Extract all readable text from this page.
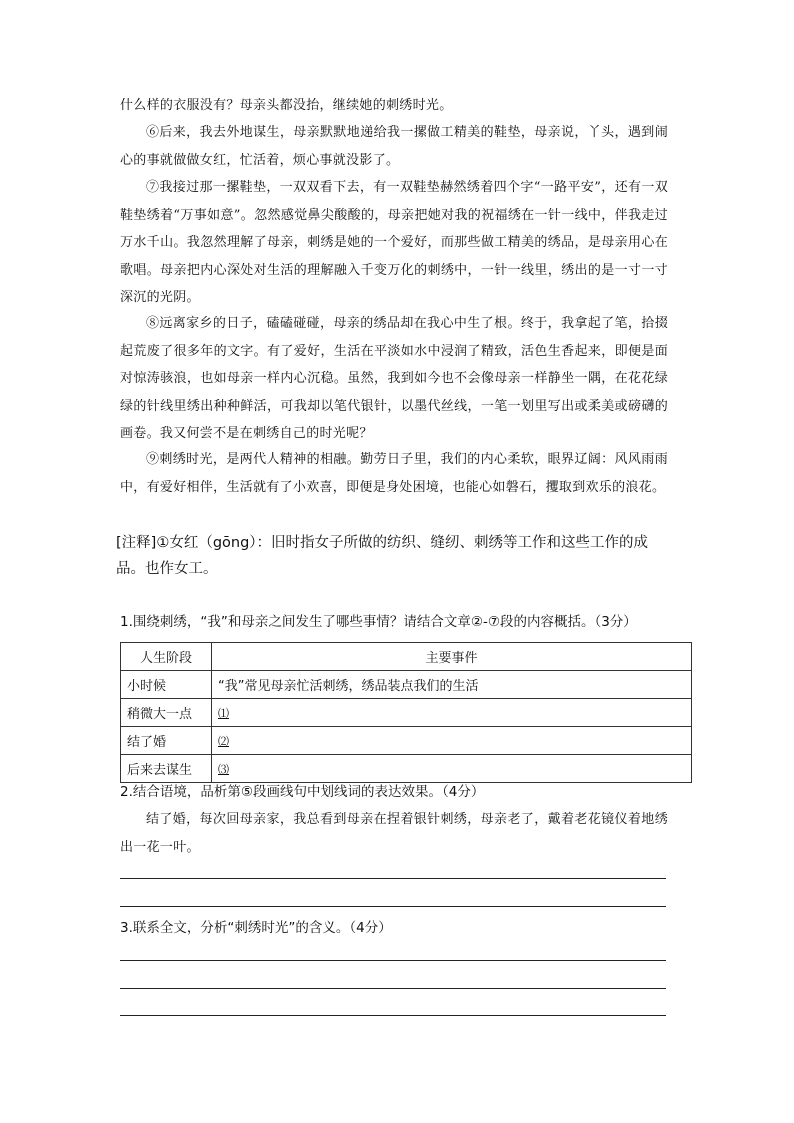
什么样的衣服没有？母亲头都没抬，继续她的刺绣时光。

⑥后来，我去外地谋生，母亲默默地递给我一摞做工精美的鞋垫，母亲说，丫头，遇到闹心的事就做做女红，忙活着，烦心事就没影了。

⑦我接过那一摞鞋垫，一双双看下去，有一双鞋垫赫然绣着四个字“一路平安”，还有一双鞋垫绣着“万事如意”。忽然感觉鼻尖酸酸的，母亲把她对我的祝福绣在一针一线中，伴我走过万水千山。我忽然理解了母亲，刺绣是她的一个爱好，而那些做工精美的绣品，是母亲用心在歌唱。母亲把内心深处对生活的理解融入千变万化的刺绣中，一针一线里，绣出的是一寸一寸深沉的光阴。

⑧远离家乡的日子，磕磕碰碰，母亲的绣品却在我心中生了根。终于，我拿起了笔，拾掇起荒废了很多年的文字。有了爱好，生活在平淡如水中浸润了精致，活色生香起来，即便是面对惊涛骇浪，也如母亲一样内心沉稳。虽然，我到如今也不会像母亲一样静坐一隅，在花花绿绿的针线里绣出种种鲜活，可我却以笔代银针，以墨代丝线，一笔一划里写出或柔美或磅礴的画卷。我又何尝不是在刺绣自己的时光呢？

⑨刺绣时光，是两代人精神的相融。勤劳日子里，我们的内心柔软，眼界辽阔：风风雨雨中，有爱好相伴，生活就有了小欢喜，即便是身处困境，也能心如磐石，攫取到欢乐的浪花。

[注释]①女红（gōng）：旧时指女子所做的纺织、缝纫、刺绣等工作和这些工作的成品。也作女工。

1.围绕刺绣，“我”和母亲之间发生了哪些事情？请结合文章②-⑦段的内容概括。（3分）

人生阶段	主要事件
小时候	“我”常见母亲忙活刺绣，绣品装点我们的生活
稍微大一点	⑴
结了婚	⑵
后来去谋生	⑶

2.结合语境，品析第⑤段画线句中划线词的表达效果。（4分）

结了婚，每次回母亲家，我总看到母亲在捏着银针刺绣，母亲老了，戴着老花镜仪着地绣出一花一叶。

3.联系全文，分析“刺绣时光”的含义。（4分）
